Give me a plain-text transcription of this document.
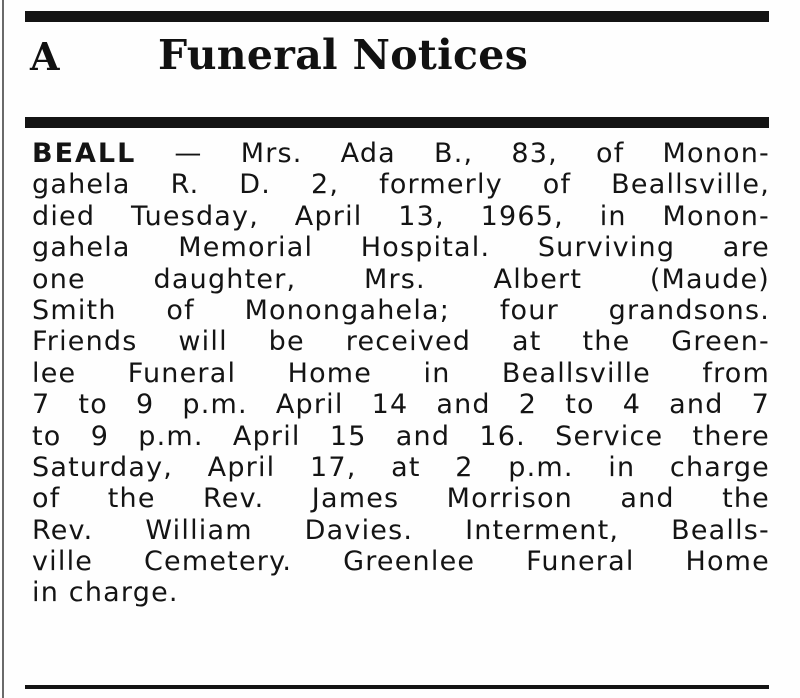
A Funeral Notices
BEALL — Mrs. Ada B., 83, of Monon-
gahela R. D. 2, formerly of Beallsville,
died Tuesday, April 13, 1965, in Monon-
gahela Memorial Hospital. Surviving are
one daughter, Mrs. Albert (Maude)
Smith of Monongahela; four grandsons.
Friends will be received at the Green-
lee Funeral Home in Beallsville from
7 to 9 p.m. April 14 and 2 to 4 and 7
to 9 p.m. April 15 and 16. Service there
Saturday, April 17, at 2 p.m. in charge
of the Rev. James Morrison and the
Rev. William Davies. Interment, Bealls-
ville Cemetery. Greenlee Funeral Home
in charge.
